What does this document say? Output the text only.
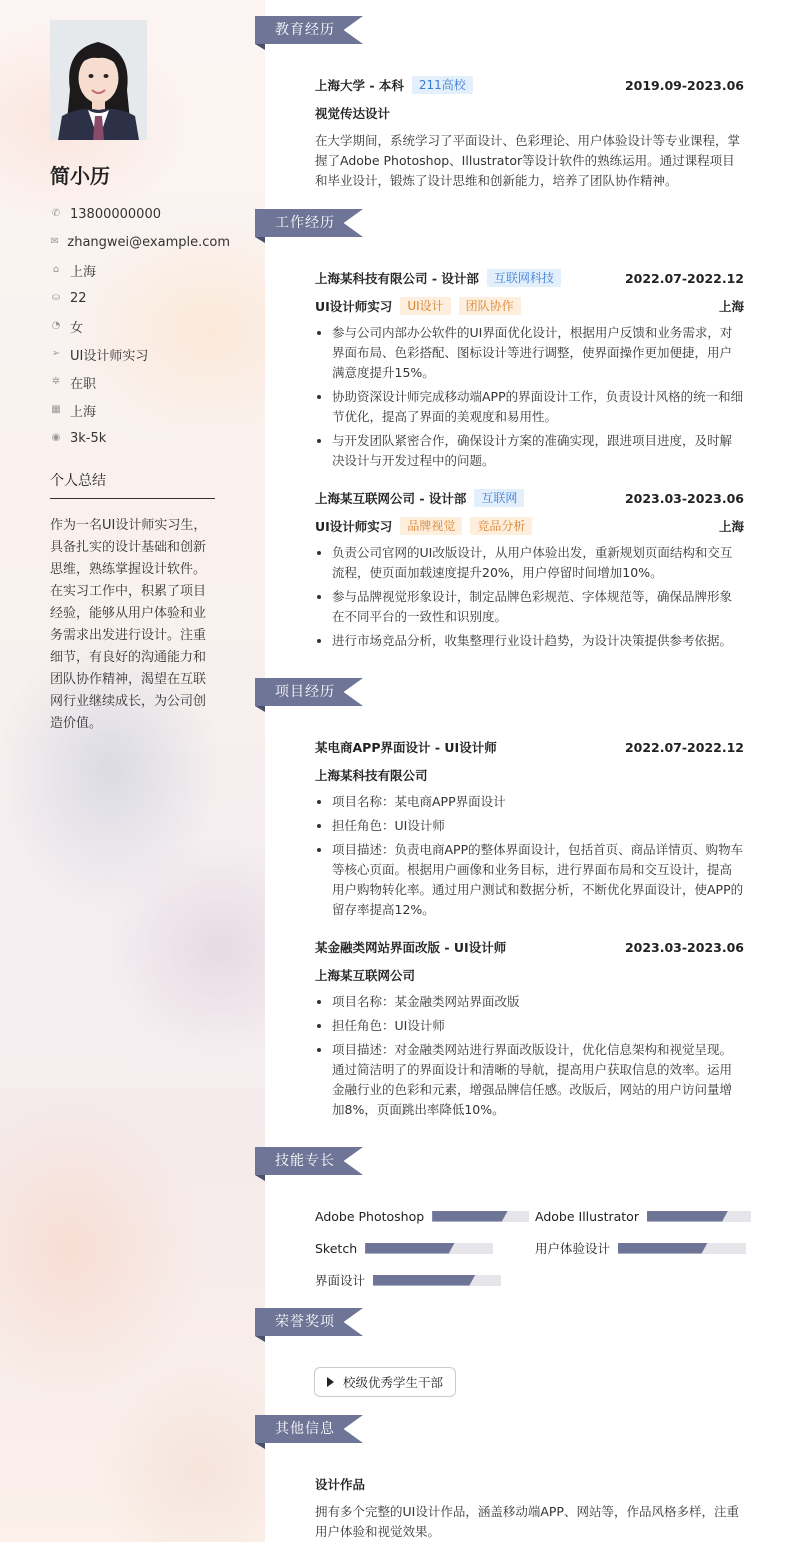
简小历
✆ 13800000000
✉ zhangwei@example.com
⌂ 上海
⛀ 22
◔ 女
➢ UI设计师实习
✲ 在职
▦ 上海
◉ 3k-5k
个人总结
作为一名UI设计师实习生，具备扎实的设计基础和创新思维，熟练掌握设计软件。在实习工作中，积累了项目经验，能够从用户体验和业务需求出发进行设计。注重细节，有良好的沟通能力和团队协作精神，渴望在互联网行业继续成长，为公司创造价值。
教育经历
上海大学 - 本科	211高校	2019.09-2023.06
视觉传达设计
在大学期间，系统学习了平面设计、色彩理论、用户体验设计等专业课程，掌握了Adobe Photoshop、Illustrator等设计软件的熟练运用。通过课程项目和毕业设计，锻炼了设计思维和创新能力，培养了团队协作精神。
工作经历
上海某科技有限公司 - 设计部	互联网科技	2022.07-2022.12
UI设计师实习	UI设计	团队协作	上海
参与公司内部办公软件的UI界面优化设计，根据用户反馈和业务需求，对界面布局、色彩搭配、图标设计等进行调整，使界面操作更加便捷，用户满意度提升15%。
协助资深设计师完成移动端APP的界面设计工作，负责设计风格的统一和细节优化，提高了界面的美观度和易用性。
与开发团队紧密合作，确保设计方案的准确实现，跟进项目进度，及时解决设计与开发过程中的问题。
上海某互联网公司 - 设计部	互联网	2023.03-2023.06
UI设计师实习	品牌视觉	竞品分析	上海
负责公司官网的UI改版设计，从用户体验出发，重新规划页面结构和交互流程，使页面加载速度提升20%，用户停留时间增加10%。
参与品牌视觉形象设计，制定品牌色彩规范、字体规范等，确保品牌形象在不同平台的一致性和识别度。
进行市场竞品分析，收集整理行业设计趋势，为设计决策提供参考依据。
项目经历
某电商APP界面设计 - UI设计师	2022.07-2022.12
上海某科技有限公司
项目名称：某电商APP界面设计
担任角色：UI设计师
项目描述：负责电商APP的整体界面设计，包括首页、商品详情页、购物车等核心页面。根据用户画像和业务目标，进行界面布局和交互设计，提高用户购物转化率。通过用户测试和数据分析，不断优化界面设计，使APP的留存率提高12%。
某金融类网站界面改版 - UI设计师	2023.03-2023.06
上海某互联网公司
项目名称：某金融类网站界面改版
担任角色：UI设计师
项目描述：对金融类网站进行界面改版设计，优化信息架构和视觉呈现。通过简洁明了的界面设计和清晰的导航，提高用户获取信息的效率。运用金融行业的色彩和元素，增强品牌信任感。改版后，网站的用户访问量增加8%，页面跳出率降低10%。
技能专长
Adobe Photoshop	Adobe Illustrator
Sketch	用户体验设计
界面设计
荣誉奖项
校级优秀学生干部
其他信息
设计作品
拥有多个完整的UI设计作品，涵盖移动端APP、网站等，作品风格多样，注重用户体验和视觉效果。
